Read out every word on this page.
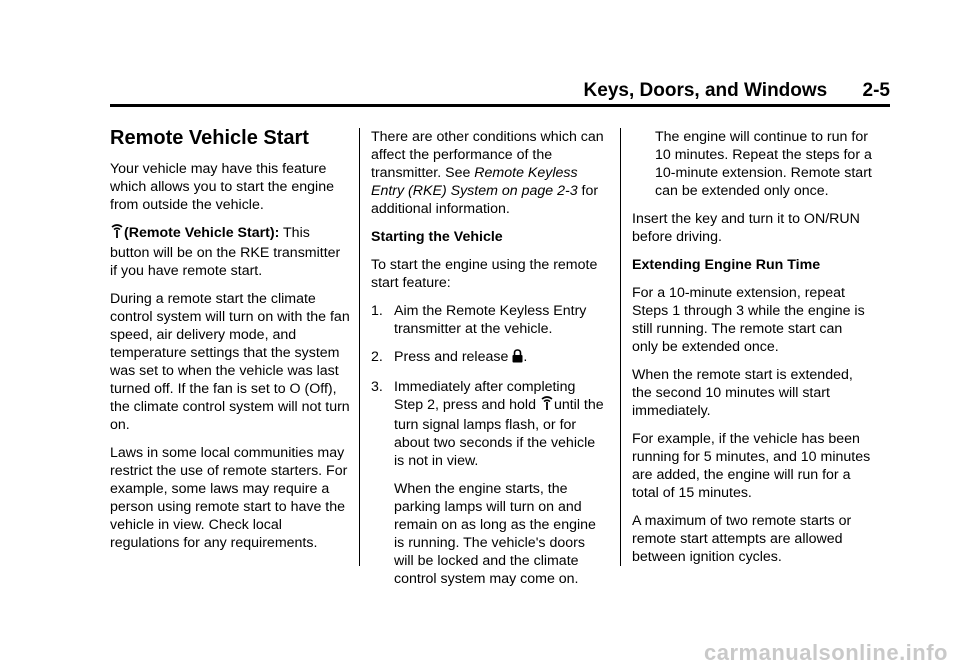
Keys, Doors, and Windows 2-5
Remote Vehicle Start

Your vehicle may have this feature which allows you to start the engine from outside the vehicle.

(Remote Vehicle Start): This button will be on the RKE transmitter if you have remote start.

During a remote start the climate control system will turn on with the fan speed, air delivery mode, and temperature settings that the system was set to when the vehicle was last turned off. If the fan is set to O (Off), the climate control system will not turn on.

Laws in some local communities may restrict the use of remote starters. For example, some laws may require a person using remote start to have the vehicle in view. Check local regulations for any requirements.

There are other conditions which can affect the performance of the transmitter. See Remote Keyless Entry (RKE) System on page 2-3 for additional information.

Starting the Vehicle

To start the engine using the remote start feature:

1. Aim the Remote Keyless Entry transmitter at the vehicle.
2. Press and release .
3. Immediately after completing Step 2, press and hold until the turn signal lamps flash, or for about two seconds if the vehicle is not in view.

When the engine starts, the parking lamps will turn on and remain on as long as the engine is running. The vehicle's doors will be locked and the climate control system may come on.

The engine will continue to run for 10 minutes. Repeat the steps for a 10-minute extension. Remote start can be extended only once.

Insert the key and turn it to ON/RUN before driving.

Extending Engine Run Time

For a 10-minute extension, repeat Steps 1 through 3 while the engine is still running. The remote start can only be extended once.

When the remote start is extended, the second 10 minutes will start immediately.

For example, if the vehicle has been running for 5 minutes, and 10 minutes are added, the engine will run for a total of 15 minutes.

A maximum of two remote starts or remote start attempts are allowed between ignition cycles.

carmanualsonline.info
